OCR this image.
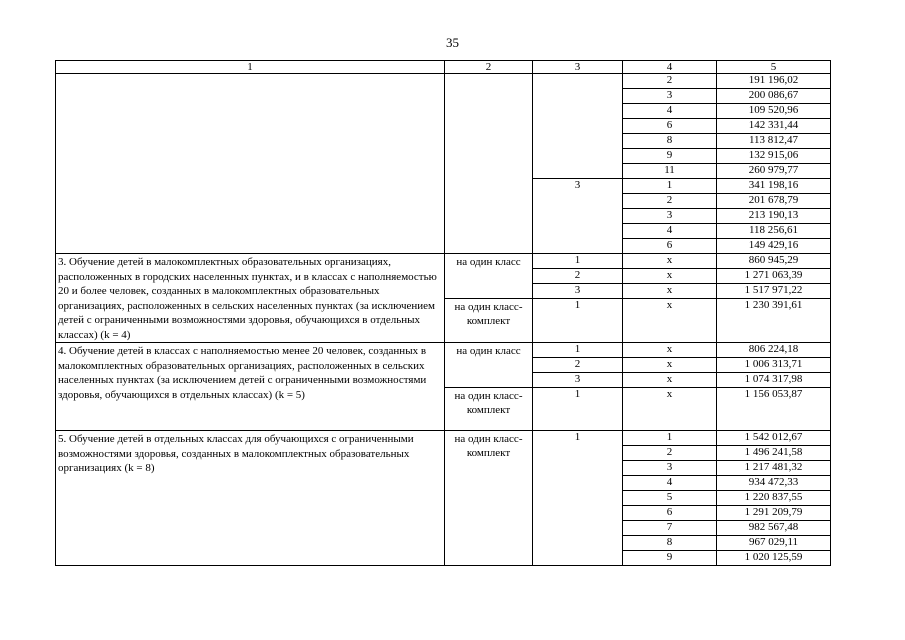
35
1	2	3	4	5
			2	191 196,02
			3	200 086,67
			4	109 520,96
			6	142 331,44
			8	113 812,47
			9	132 915,06
			11	260 979,77
		3	1	341 198,16
			2	201 678,79
			3	213 190,13
			4	118 256,61
			6	149 429,16
3. Обучение детей в малокомплектных образовательных организациях, расположенных в городских населенных пунктах, и в классах с наполняемостью 20 и более человек, созданных в малокомплектных образовательных организациях, расположенных в сельских населенных пунктах (за исключением детей с ограниченными возможностями здоровья, обучающихся в отдельных классах) (k = 4)	на один класс	1	x	860 945,29
		2	x	1 271 063,39
		3	x	1 517 971,22
	на один класс-комплект	1	x	1 230 391,61
4. Обучение детей в классах с наполняемостью менее 20 человек, созданных в малокомплектных образовательных организациях, расположенных в сельских населенных пунктах (за исключением детей с ограниченными возможностями здоровья, обучающихся в отдельных классах) (k = 5)	на один класс	1	x	806 224,18
		2	x	1 006 313,71
		3	x	1 074 317,98
	на один класс-комплект	1	x	1 156 053,87
5. Обучение детей в отдельных классах для обучающихся с ограниченными возможностями здоровья, созданных в малокомплектных образовательных организациях (k = 8)	на один класс-комплект	1	1	1 542 012,67
			2	1 496 241,58
			3	1 217 481,32
			4	934 472,33
			5	1 220 837,55
			6	1 291 209,79
			7	982 567,48
			8	967 029,11
			9	1 020 125,59
